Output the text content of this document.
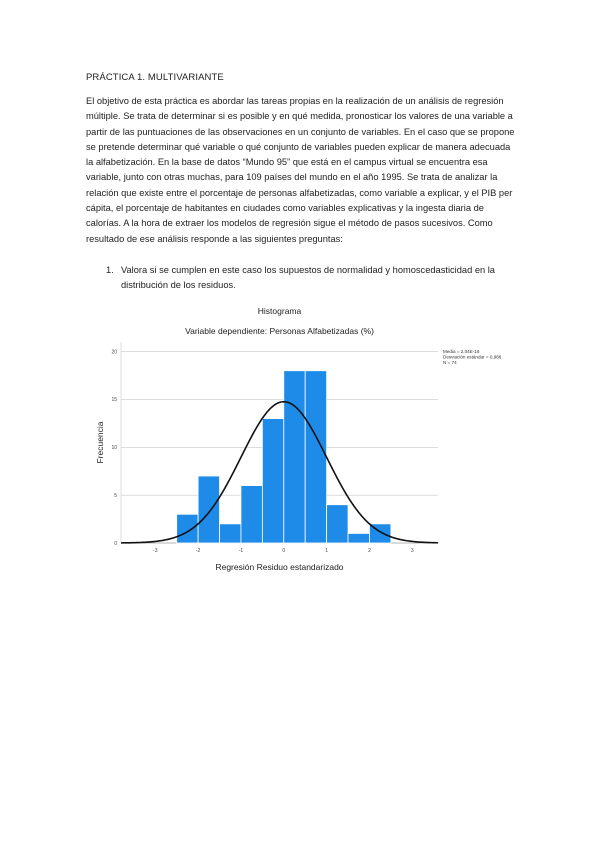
PRÁCTICA 1. MULTIVARIANTE

El objetivo de esta práctica es abordar las tareas propias en la realización de un análisis de regresión múltiple. Se trata de determinar si es posible y en qué medida, pronosticar los valores de una variable a partir de las puntuaciones de las observaciones en un conjunto de variables. En el caso que se propone se pretende determinar qué variable o qué conjunto de variables pueden explicar de manera adecuada la alfabetización. En la base de datos “Mundo 95” que está en el campus virtual se encuentra esa variable, junto con otras muchas, para 109 países del mundo en el año 1995. Se trata de analizar la relación que existe entre el porcentaje de personas alfabetizadas, como variable a explicar, y el PIB per cápita, el porcentaje de habitantes en ciudades como variables explicativas y la ingesta diaria de calorías. A la hora de extraer los modelos de regresión sigue el método de pasos sucesivos. Como resultado de ese análisis responde a las siguientes preguntas:

1. Valora si se cumplen en este caso los supuestos de normalidad y homoscedasticidad en la distribución de los residuos.
Histograma
Variable dependiente: Personas Alfabetizadas (%)
0
5
10
15
20
-3	-2	-1	0	1	2	3
Regresión Residuo estandarizado
Frecuencia
Media = 2,04E-16
Desviación estándar = 0,986
N = 74
